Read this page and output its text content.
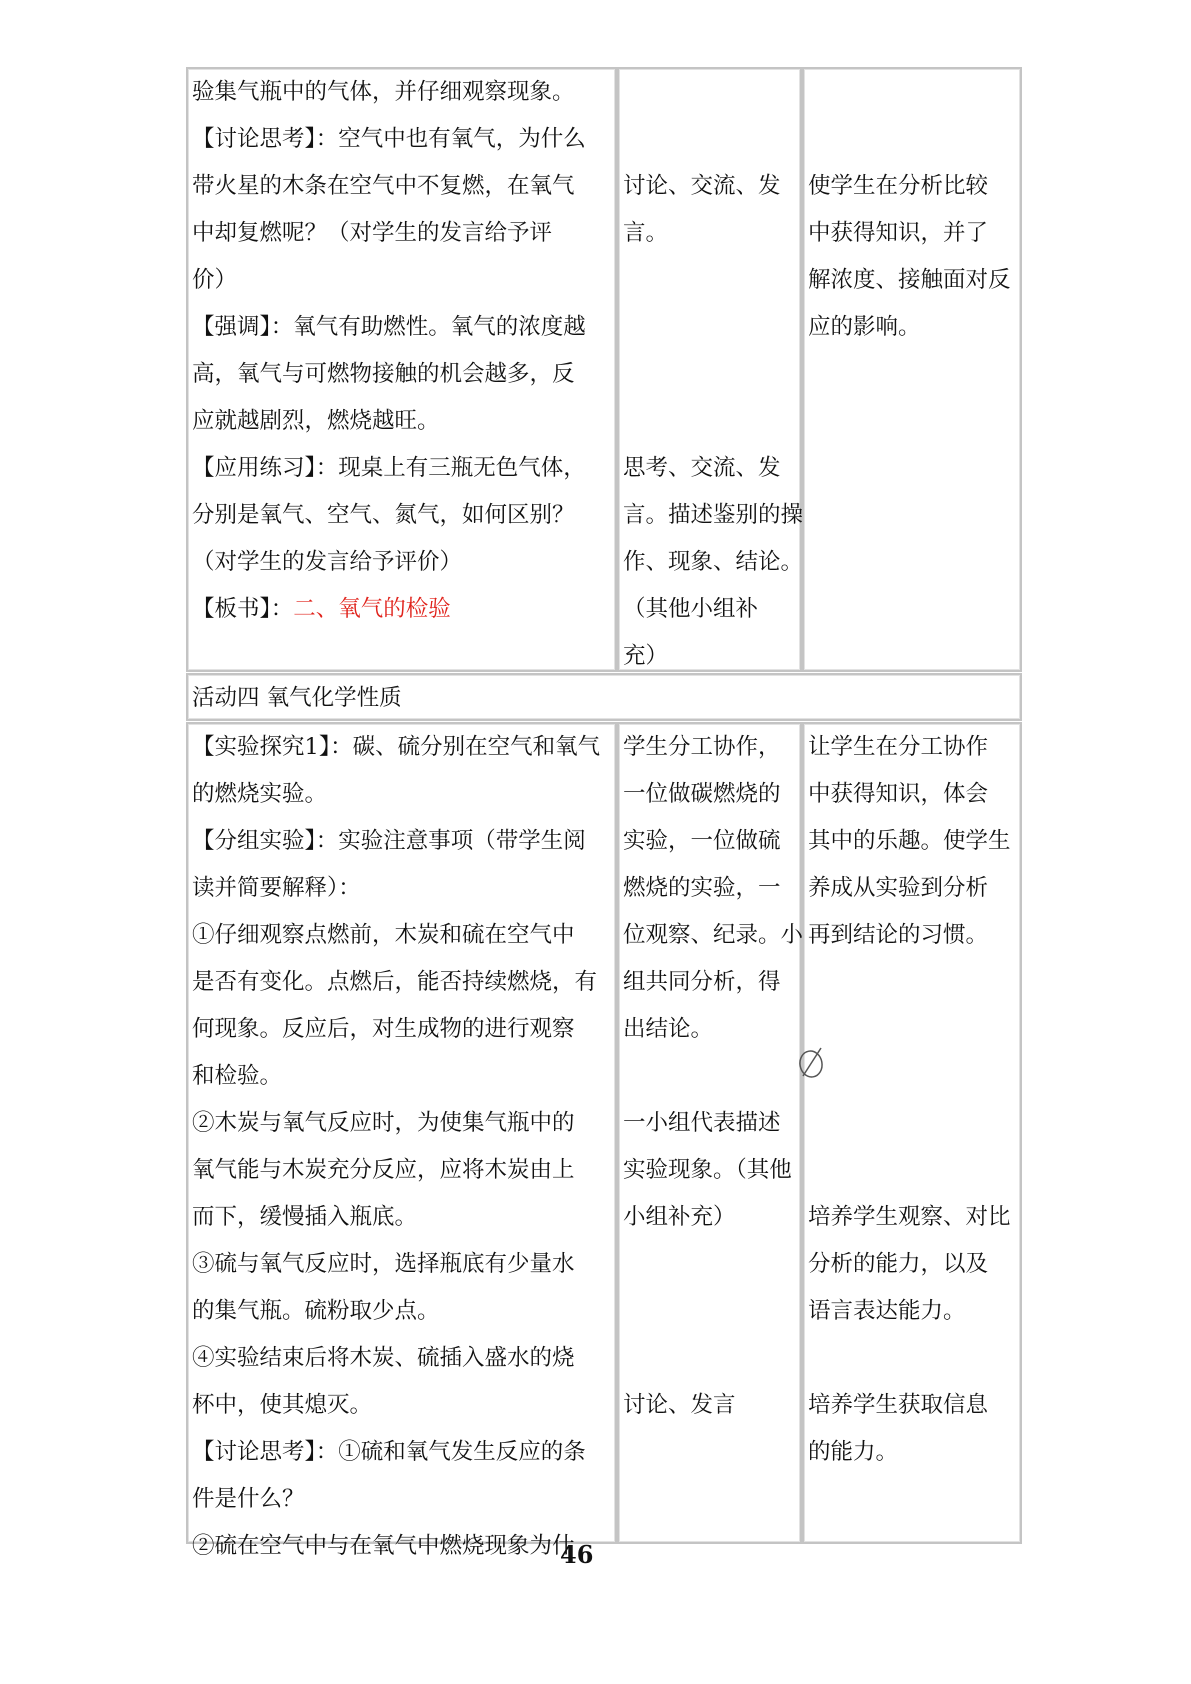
验集气瓶中的气体，并仔细观察现象。
【讨论思考】：空气中也有氧气，为什么
带火星的木条在空气中不复燃，在氧气
中却复燃呢？（对学生的发言给予评
价）
【强调】：氧气有助燃性。氧气的浓度越
高，氧气与可燃物接触的机会越多，反
应就越剧烈，燃烧越旺。
【应用练习】：现桌上有三瓶无色气体，
分别是氧气、空气、氮气，如何区别？
（对学生的发言给予评价）
【板书】：二、氧气的检验
讨论、交流、发
言。
思考、交流、发
言。描述鉴别的操
作、现象、结论。
（其他小组补
充）
使学生在分析比较
中获得知识，并了
解浓度、接触面对反
应的影响。
活动四 氧气化学性质
【实验探究1】：碳、硫分别在空气和氧气
的燃烧实验。
【分组实验】：实验注意事项（带学生阅
读并简要解释）：
①仔细观察点燃前，木炭和硫在空气中
是否有变化。点燃后，能否持续燃烧，有
何现象。反应后，对生成物的进行观察
和检验。
②木炭与氧气反应时，为使集气瓶中的
氧气能与木炭充分反应，应将木炭由上
而下，缓慢插入瓶底。
③硫与氧气反应时，选择瓶底有少量水
的集气瓶。硫粉取少点。
④实验结束后将木炭、硫插入盛水的烧
杯中，使其熄灭。
【讨论思考】：①硫和氧气发生反应的条
件是什么？
②硫在空气中与在氧气中燃烧现象为什
学生分工协作，
一位做碳燃烧的
实验，一位做硫
燃烧的实验，一
位观察、纪录。小
组共同分析，得
出结论。
一小组代表描述
实验现象。（其他
小组补充）
讨论、发言
让学生在分工协作
中获得知识，体会
其中的乐趣。使学生
养成从实验到分析
再到结论的习惯。
培养学生观察、对比
分析的能力，以及
语言表达能力。
培养学生获取信息
的能力。
46
